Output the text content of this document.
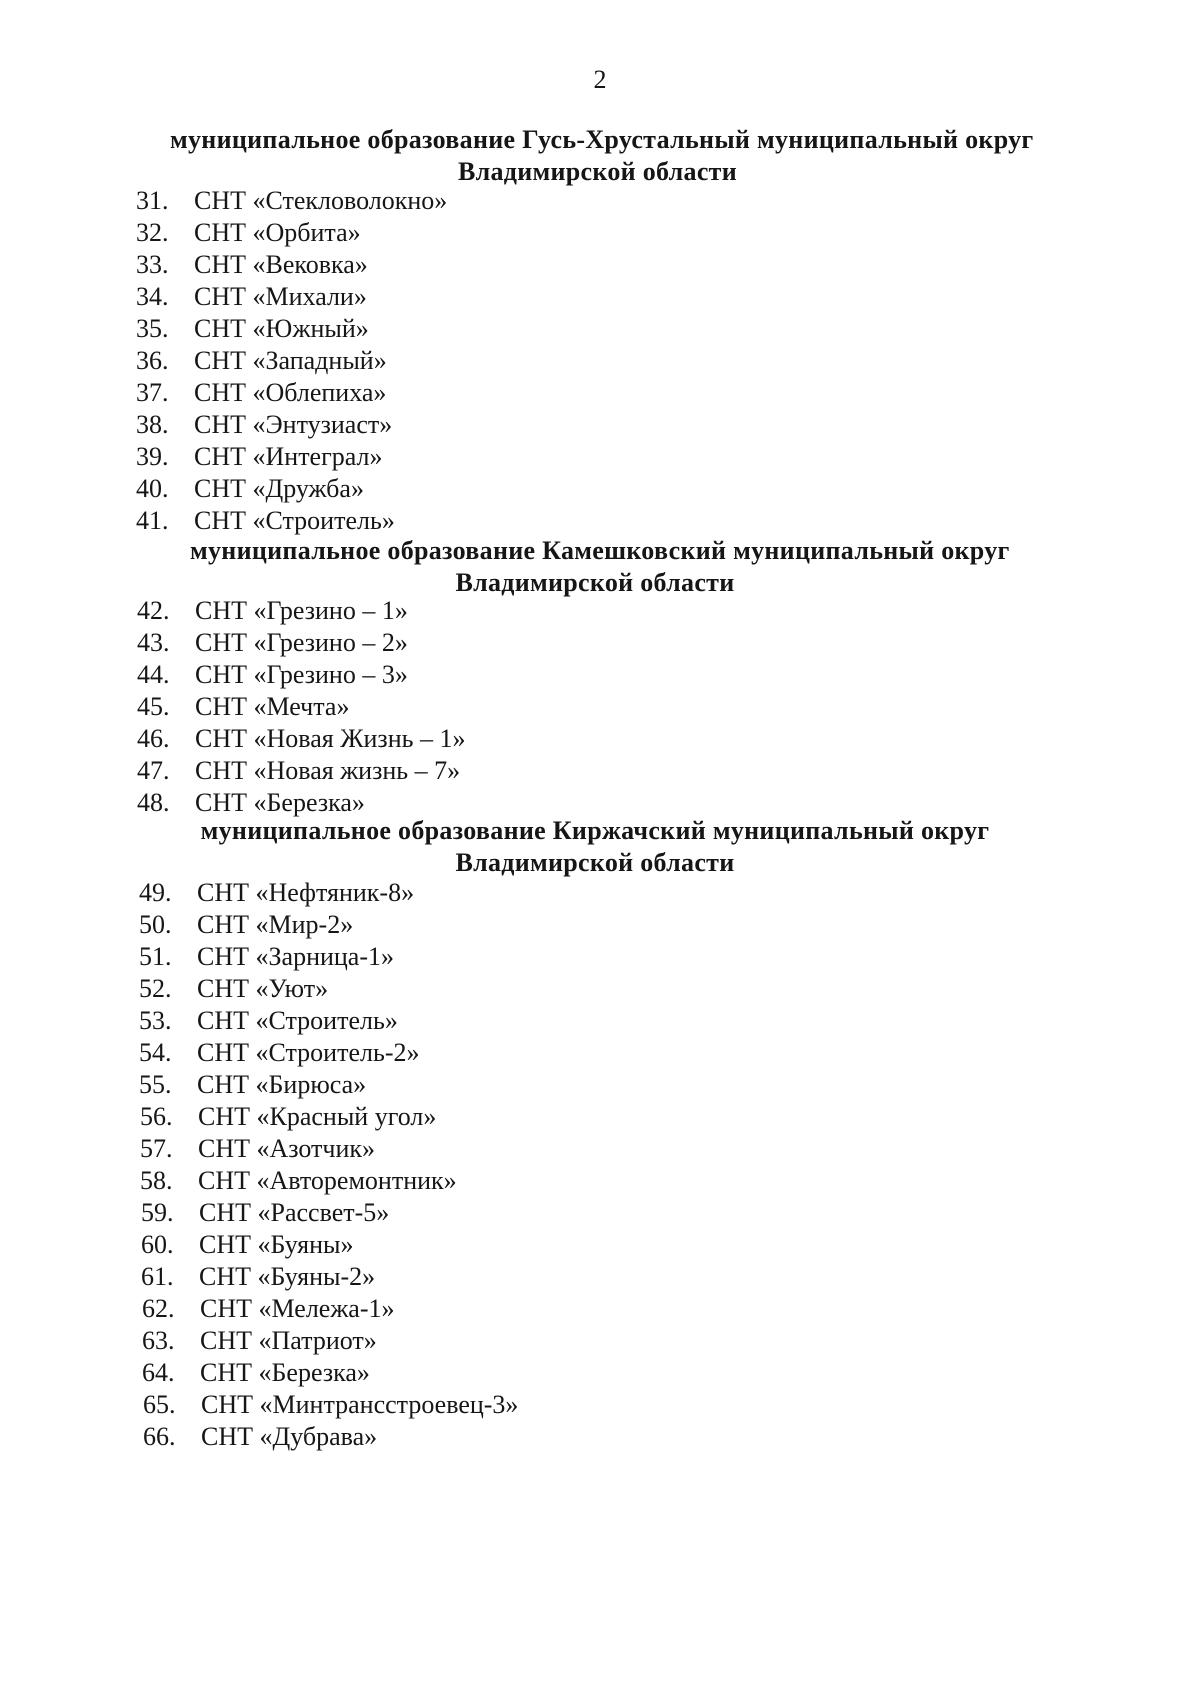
2
муниципальное образование Гусь-Хрустальный муниципальный округ
Владимирской области
31. СНТ «Стекловолокно»
32. СНТ «Орбита»
33. СНТ «Вековка»
34. СНТ «Михали»
35. СНТ «Южный»
36. СНТ «Западный»
37. СНТ «Облепиха»
38. СНТ «Энтузиаст»
39. СНТ «Интеграл»
40. СНТ «Дружба»
41. СНТ «Строитель»
муниципальное образование Камешковский муниципальный округ
Владимирской области
42. СНТ «Грезино – 1»
43. СНТ «Грезино – 2»
44. СНТ «Грезино – 3»
45. СНТ «Мечта»
46. СНТ «Новая Жизнь – 1»
47. СНТ «Новая жизнь – 7»
48. СНТ «Березка»
муниципальное образование Киржачский муниципальный округ
Владимирской области
49. СНТ «Нефтяник-8»
50. СНТ «Мир-2»
51. СНТ «Зарница-1»
52. СНТ «Уют»
53. СНТ «Строитель»
54. СНТ «Строитель-2»
55. СНТ «Бирюса»
56. СНТ «Красный угол»
57. СНТ «Азотчик»
58. СНТ «Авторемонтник»
59. СНТ «Рассвет-5»
60. СНТ «Буяны»
61. СНТ «Буяны-2»
62. СНТ «Мележа-1»
63. СНТ «Патриот»
64. СНТ «Березка»
65. СНТ «Минтрансстроевец-3»
66. СНТ «Дубрава»
